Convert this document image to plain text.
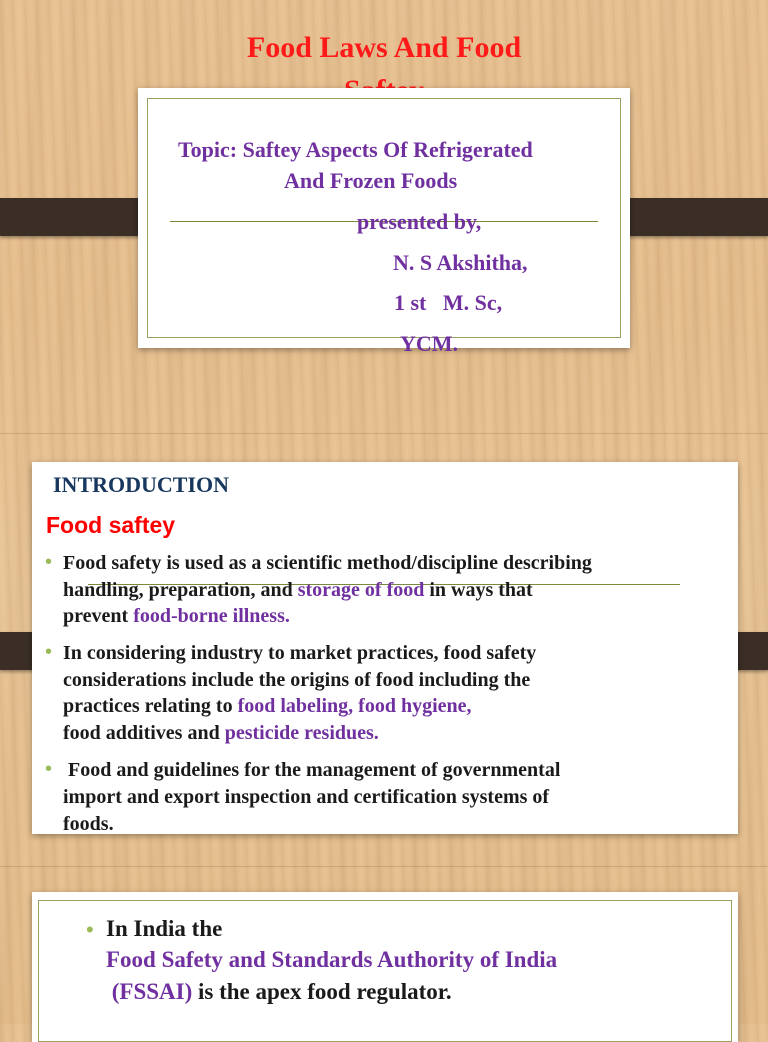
Food Laws And Food
Topic: Saftey Aspects Of Refrigerated
And Frozen Foods
presented by,
N. S Akshitha,
1 st   M. Sc,
YCM.
INTRODUCTION
Food saftey
• Food safety is used as a scientific method/discipline describing
handling, preparation, and storage of food in ways that
prevent food-borne illness.
• In considering industry to market practices, food safety
considerations include the origins of food including the
practices relating to food labeling, food hygiene,
food additives and pesticide residues.
• Food and guidelines for the management of governmental
import and export inspection and certification systems of
foods.
• In India the
Food Safety and Standards Authority of India
(FSSAI) is the apex food regulator.
